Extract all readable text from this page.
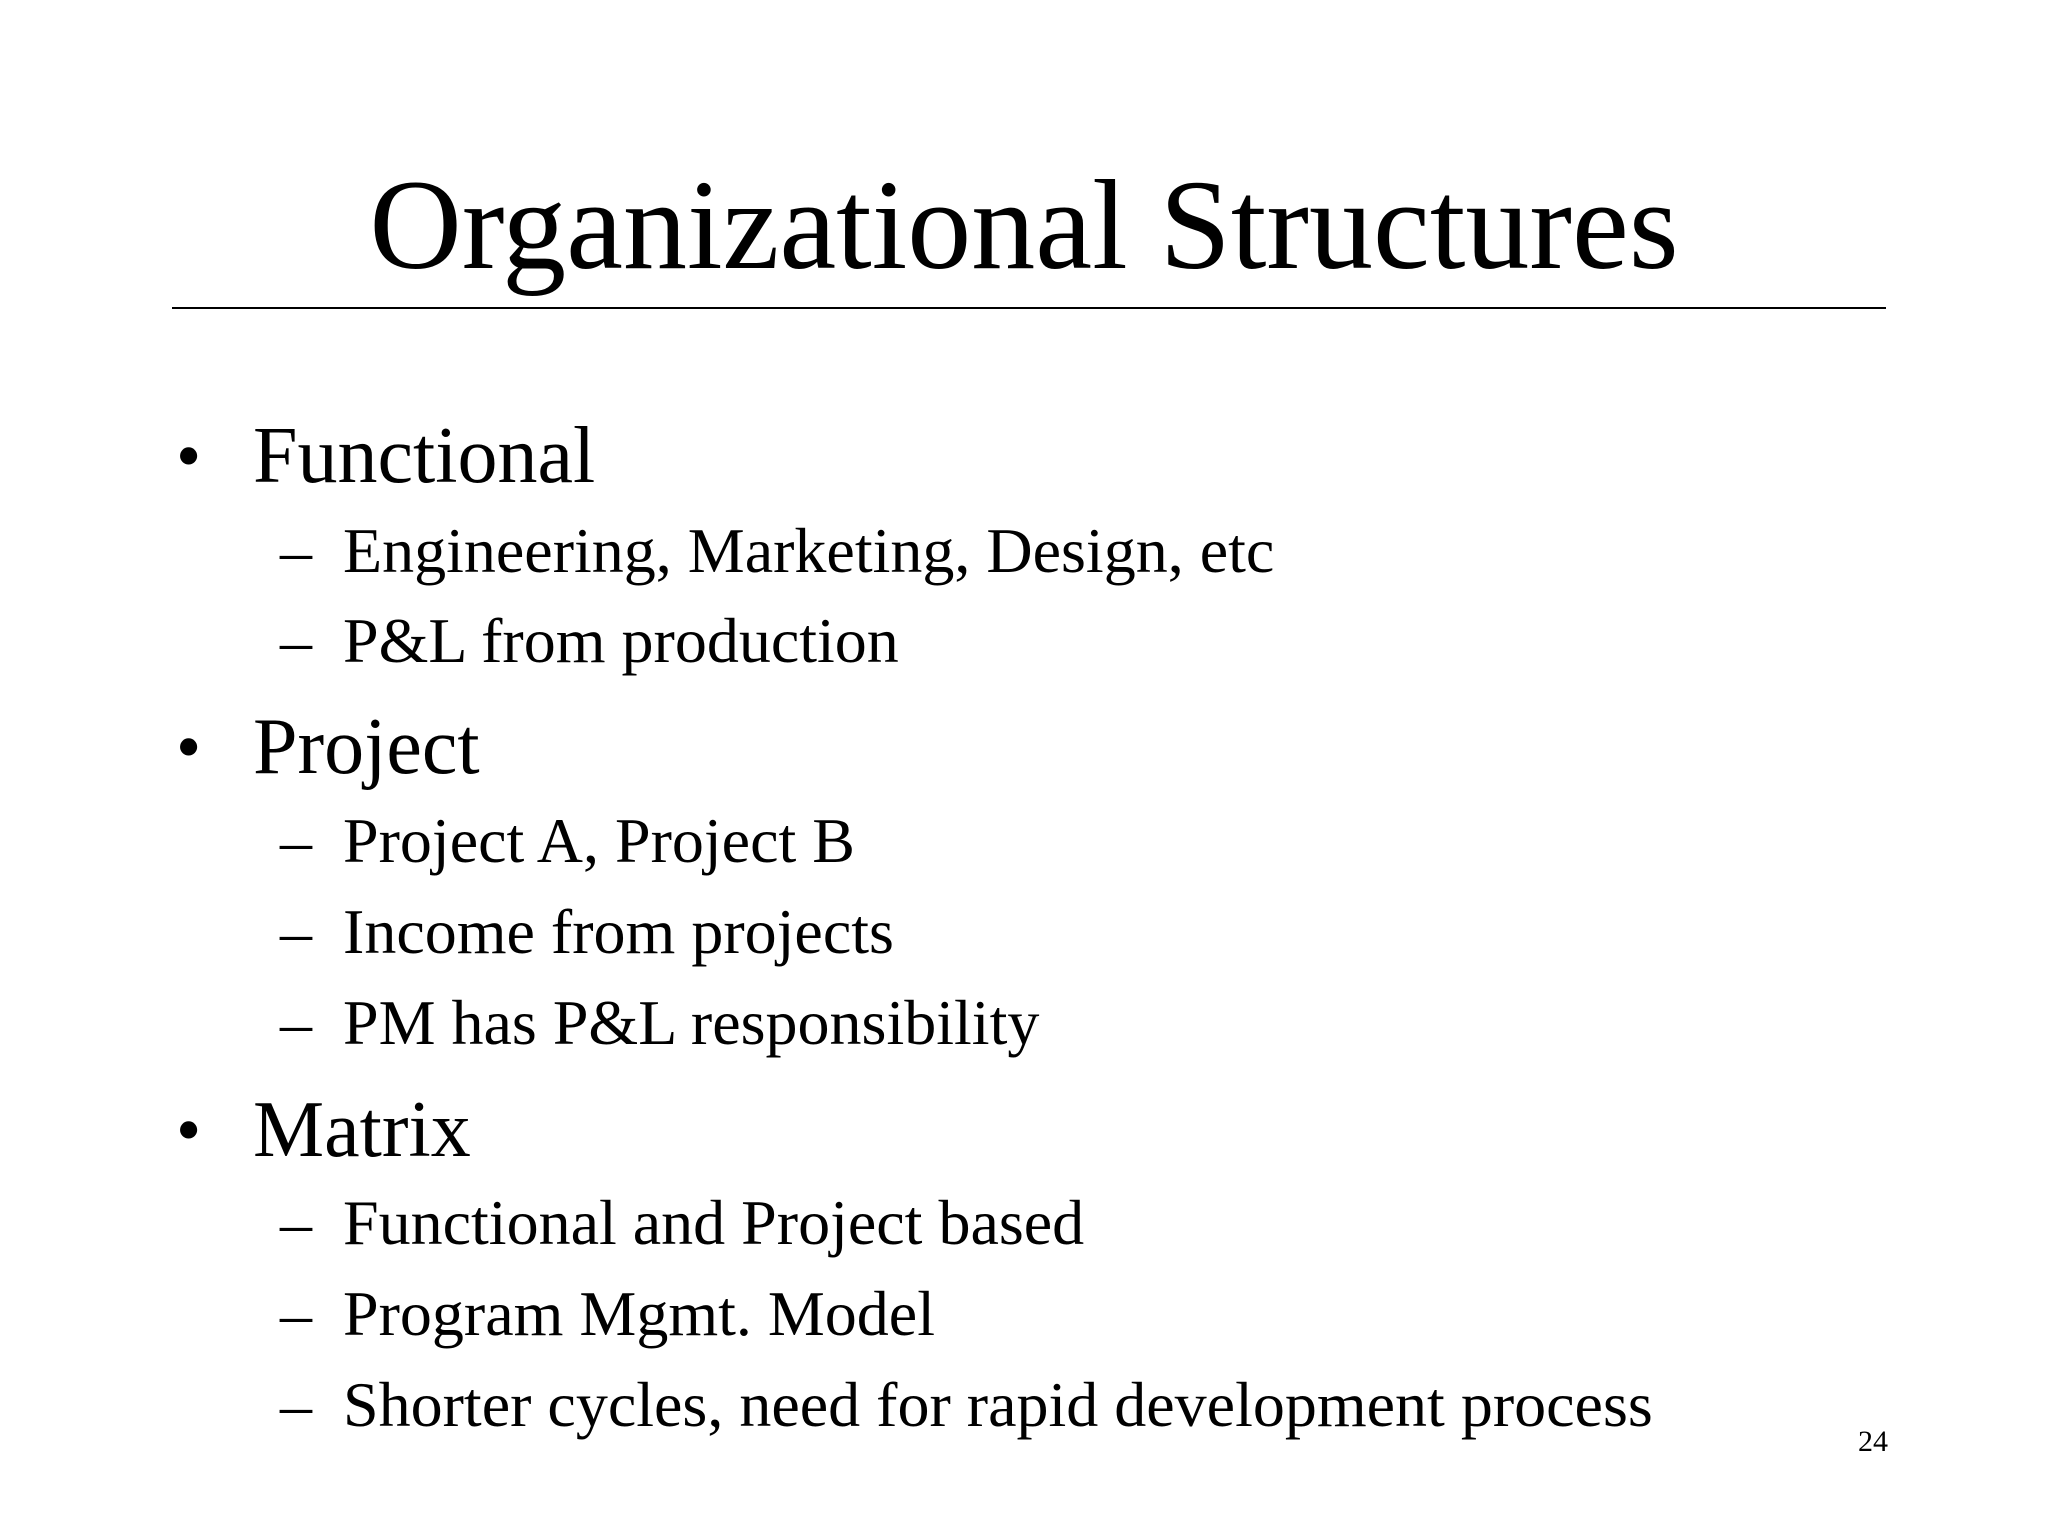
Organizational Structures
• Functional
– Engineering, Marketing, Design, etc
– P&L from production
• Project
– Project A, Project B
– Income from projects
– PM has P&L responsibility
• Matrix
– Functional and Project based
– Program Mgmt. Model
– Shorter cycles, need for rapid development process
24
